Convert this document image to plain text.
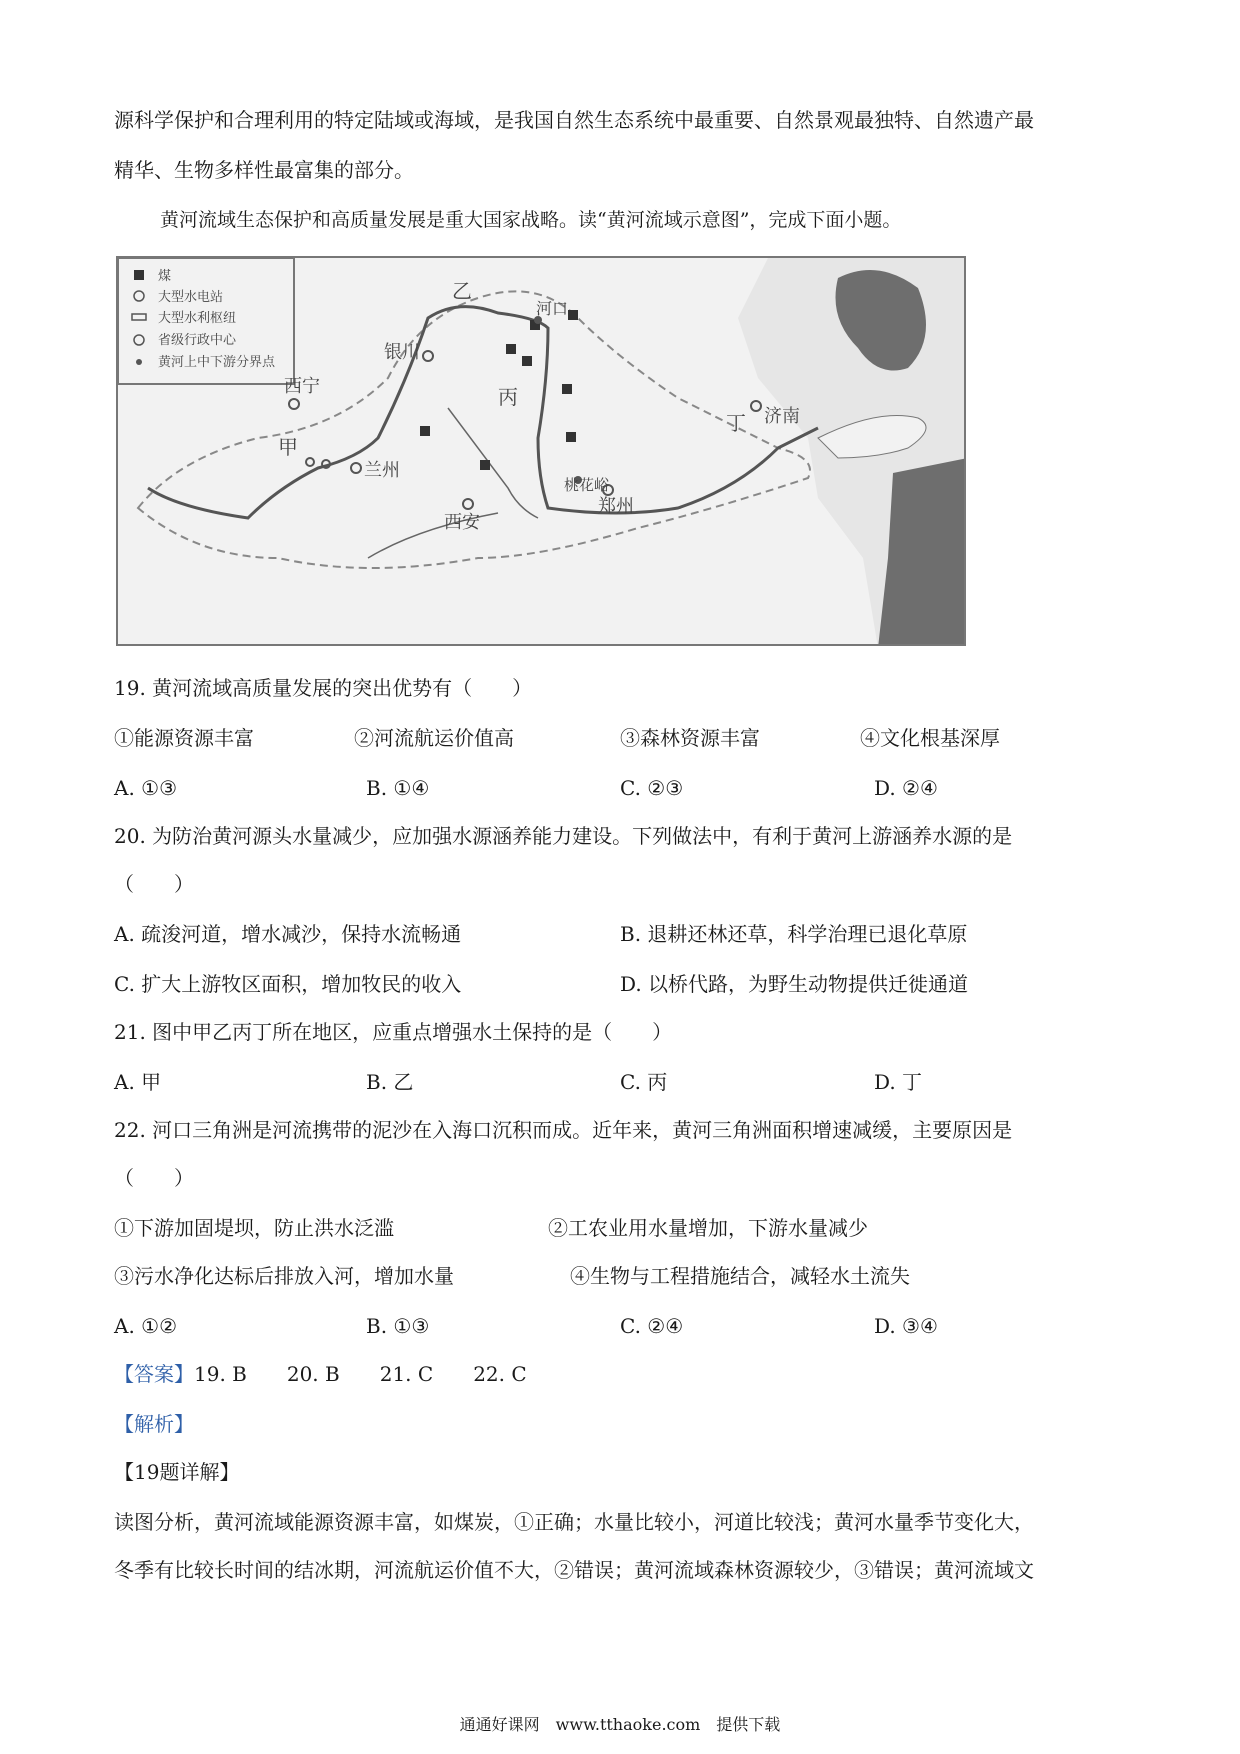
源科学保护和合理利用的特定陆域或海域，是我国自然生态系统中最重要、自然景观最独特、自然遗产最
精华、生物多样性最富集的部分。
黄河流域生态保护和高质量发展是重大国家战略。读“黄河流域示意图”，完成下面小题。
煤
大型水电站
大型水利枢纽
省级行政中心
黄河上中下游分界点	银川
西宁
兰州
西安
郑州
济南
河口
桃花峪
甲
乙
丙
丁
19. 黄河流域高质量发展的突出优势有（　　）
①能源资源丰富	②河流航运价值高	③森林资源丰富	④文化根基深厚
A. ①③	B. ①④	C. ②③	D. ②④
20. 为防治黄河源头水量减少，应加强水源涵养能力建设。下列做法中，有利于黄河上游涵养水源的是
（　　）
A. 疏浚河道，增水减沙，保持水流畅通	B. 退耕还林还草，科学治理已退化草原
C. 扩大上游牧区面积，增加牧民的收入	D. 以桥代路，为野生动物提供迁徙通道
21. 图中甲乙丙丁所在地区，应重点增强水土保持的是（　　）
A. 甲	B. 乙	C. 丙	D. 丁
22. 河口三角洲是河流携带的泥沙在入海口沉积而成。近年来，黄河三角洲面积增速减缓，主要原因是
（　　）
①下游加固堤坝，防止洪水泛滥	②工农业用水量增加，下游水量减少
③污水净化达标后排放入河，增加水量	④生物与工程措施结合，减轻水土流失
A. ①②	B. ①③	C. ②④	D. ③④
【答案】19. B　　20. B　　21. C　　22. C
【解析】
【19题详解】
读图分析，黄河流域能源资源丰富，如煤炭，①正确；水量比较小，河道比较浅；黄河水量季节变化大，
冬季有比较长时间的结冰期，河流航运价值不大，②错误；黄河流域森林资源较少，③错误；黄河流域文
通通好课网　www.tthaoke.com　提供下载
